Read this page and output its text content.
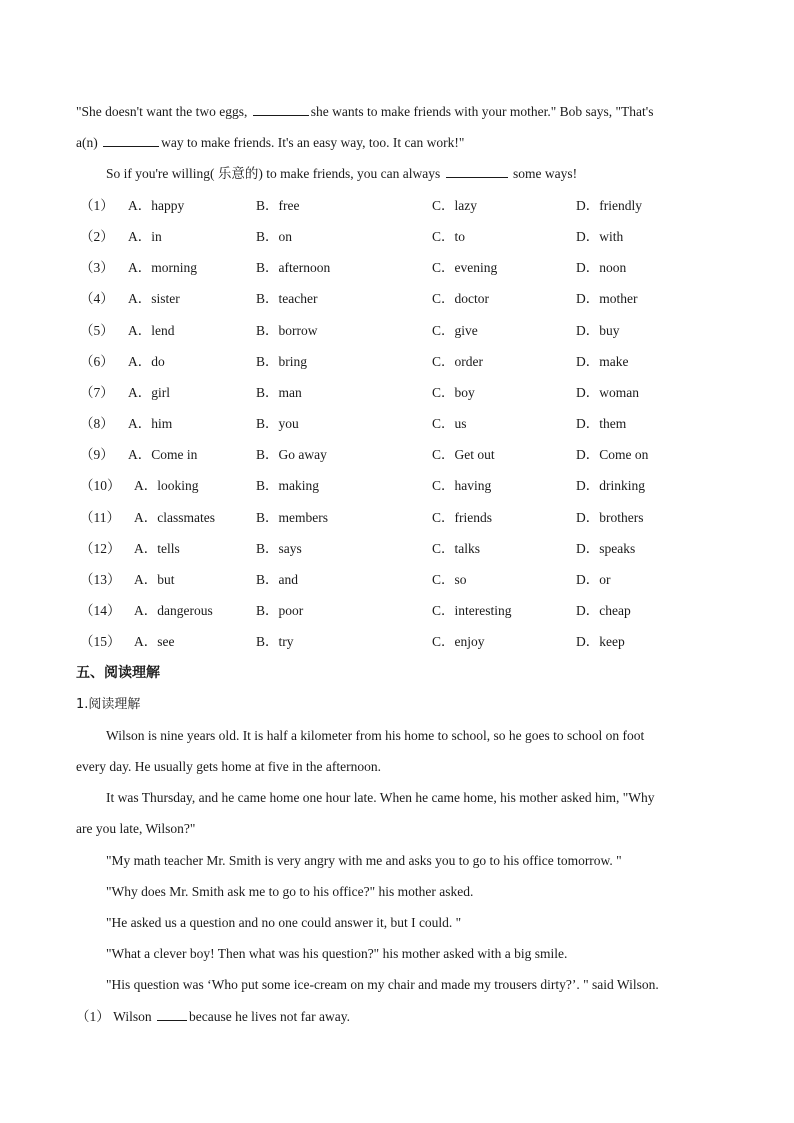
"She doesn't want the two eggs,	she wants to make friends with your mother." Bob says, "That's
a(n)	way to make friends. It's an easy way, too. It can work!"
So if you're willing( 乐意的) to make friends, you can always	some ways!
（1） A．happy	B．free	C．lazy	D．friendly
（2） A．in	B．on	C．to	D．with
（3） A．morning	B．afternoon	C．evening	D．noon
（4） A．sister	B．teacher	C．doctor	D．mother
（5） A．lend	B．borrow	C．give	D．buy
（6） A．do	B．bring	C．order	D．make
（7） A．girl	B．man	C．boy	D．woman
（8） A．him	B．you	C．us	D．them
（9） A．Come in	B．Go away	C．Get out	D．Come on
（10） A．looking	B．making	C．having	D．drinking
（11） A．classmates	B．members	C．friends	D．brothers
（12） A．tells	B．says	C．talks	D．speaks
（13） A．but	B．and	C．so	D．or
（14） A．dangerous	B．poor	C．interesting	D．cheap
（15） A．see	B．try	C．enjoy	D．keep
五、阅读理解
1.阅读理解
Wilson is nine years old. It is half a kilometer from his home to school, so he goes to school on foot
every day. He usually gets home at five in the afternoon.
It was Thursday, and he came home one hour late. When he came home, his mother asked him, "Why
are you late, Wilson?"
"My math teacher Mr. Smith is very angry with me and asks you to go to his office tomorrow. "
"Why does Mr. Smith ask me to go to his office?" his mother asked.
"He asked us a question and no one could answer it, but I could. "
"What a clever boy! Then what was his question?" his mother asked with a big smile.
"His question was ‘Who put some ice-cream on my chair and made my trousers dirty?’. " said Wilson.
（1） Wilson	because he lives not far away.
